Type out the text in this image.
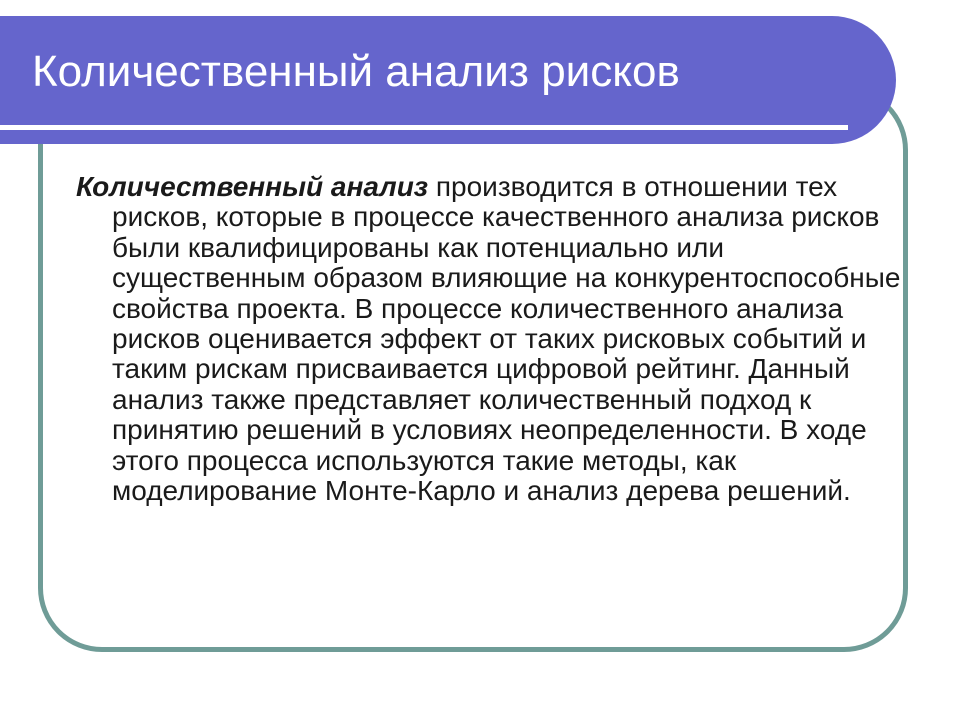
Количественный анализ рисков

Количественный анализ производится в отношении тех рисков, которые в процессе качественного анализа рисков были квалифицированы как потенциально или существенным образом влияющие на конкурентоспособные свойства проекта. В процессе количественного анализа рисков оценивается эффект от таких рисковых событий и таким рискам присваивается цифровой рейтинг. Данный анализ также представляет количественный подход к принятию решений в условиях неопределенности. В ходе этого процесса используются такие методы, как моделирование Монте-Карло и анализ дерева решений.
